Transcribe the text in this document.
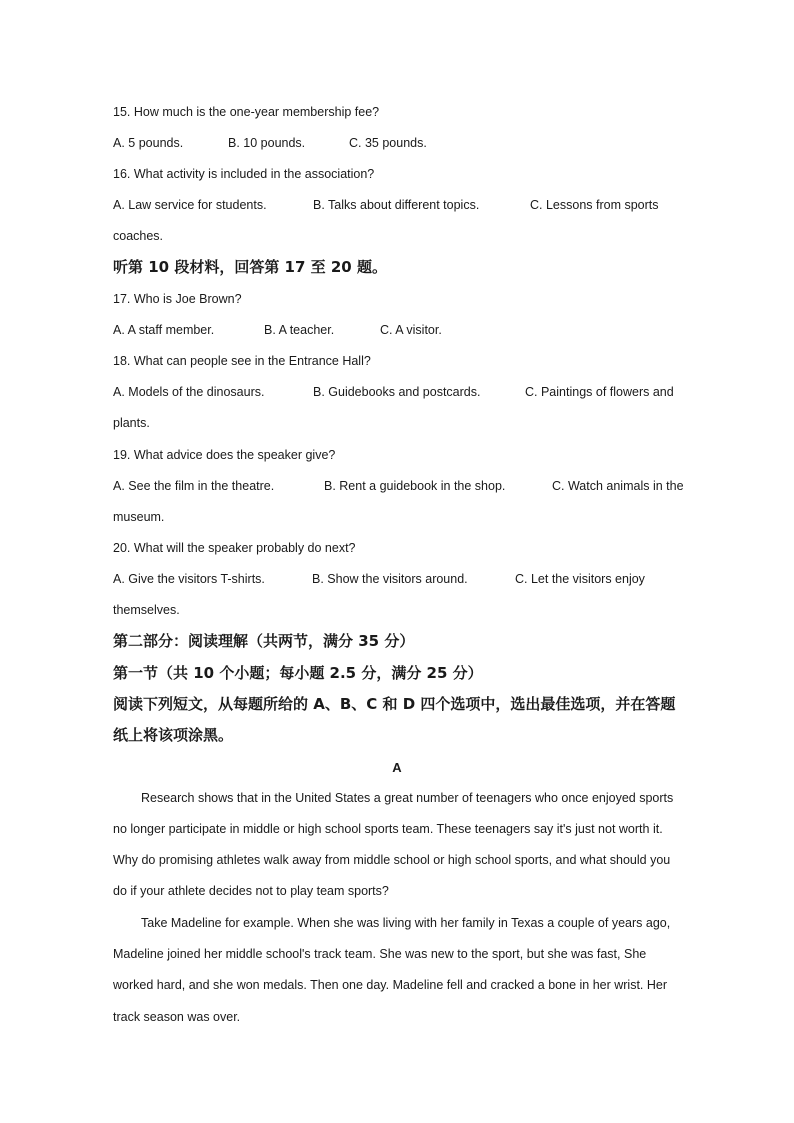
15. How much is the one-year membership fee?
A. 5 pounds.	B. 10 pounds.	C. 35 pounds.
16. What activity is included in the association?
A. Law service for students.	B. Talks about different topics.	C. Lessons from sports
coaches.
听第 10 段材料，回答第 17 至 20 题。
17. Who is Joe Brown?
A. A staff member.	B. A teacher.	C. A visitor.
18. What can people see in the Entrance Hall?
A. Models of the dinosaurs.	B. Guidebooks and postcards.	C. Paintings of flowers and
plants.
19. What advice does the speaker give?
A. See the film in the theatre.	B. Rent a guidebook in the shop.	C. Watch animals in the
museum.
20. What will the speaker probably do next?
A. Give the visitors T-shirts.	B. Show the visitors around.	C. Let the visitors enjoy
themselves.
第二部分：阅读理解（共两节，满分 35 分）
第一节（共 10 个小题；每小题 2.5 分，满分 25 分）
阅读下列短文，从每题所给的 A、B、C 和 D 四个选项中，选出最佳选项，并在答题
纸上将该项涂黑。
A
Research shows that in the United States a great number of teenagers who once enjoyed sports
no longer participate in middle or high school sports team. These teenagers say it's just not worth it.
Why do promising athletes walk away from middle school or high school sports, and what should you
do if your athlete decides not to play team sports?
Take Madeline for example. When she was living with her family in Texas a couple of years ago,
Madeline joined her middle school's track team. She was new to the sport, but she was fast, She
worked hard, and she won medals. Then one day. Madeline fell and cracked a bone in her wrist. Her
track season was over.
